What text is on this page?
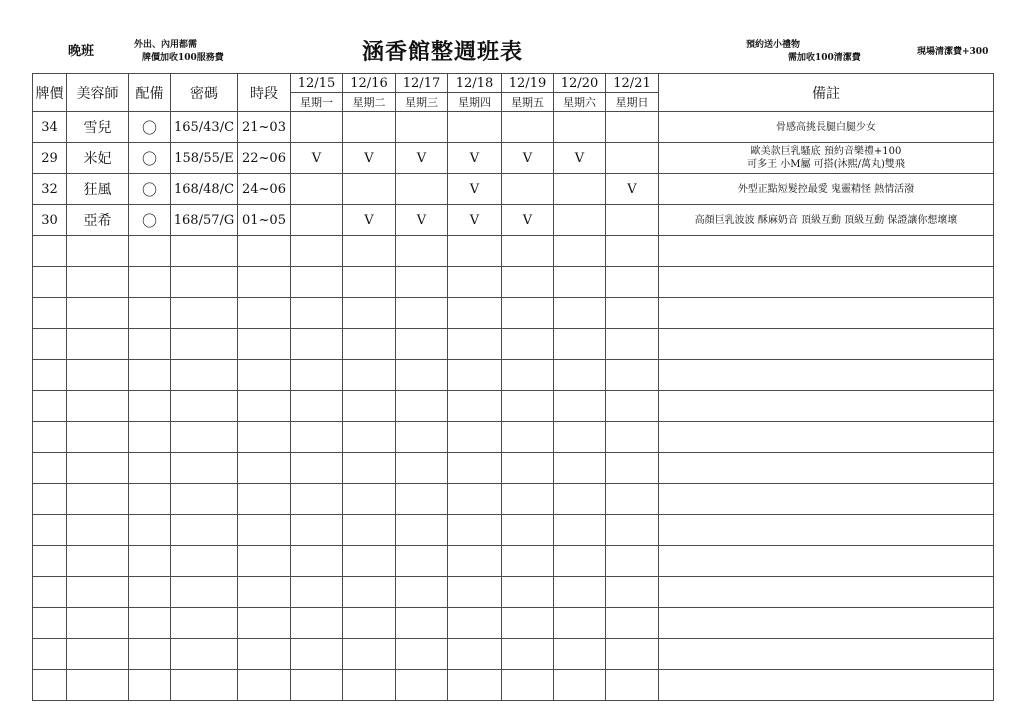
晚班	外出、內用都需
牌價加收100服務費	涵香館整週班表	預約送小禮物
需加收100清潔費
現場清潔費+300
牌價	美容師	配備	密碼	時段	12/15	12/16	12/17	12/18	12/19	12/20	12/21	備註
					星期一	星期二	星期三	星期四	星期五	星期六	星期日	
34	雪兒	〇	165/43/C	21~03								骨感高挑長腿白腿少女

29	米妃	〇	158/55/E	22~06	V	V	V	V	V	V		歐美款巨乳騷底 預約音樂禮+100
可多王 小M屬 可搭(沐熙/萬丸)雙飛

32	狂風	〇	168/48/C	24~06				V			V	外型正點短髮控最愛 鬼靈精怪 熱情活潑

30	亞希	〇	168/57/G	01~05		V	V	V	V			高顏巨乳波波 酥麻奶音 頂級互動 頂級互動 保證讓你想壞壞
